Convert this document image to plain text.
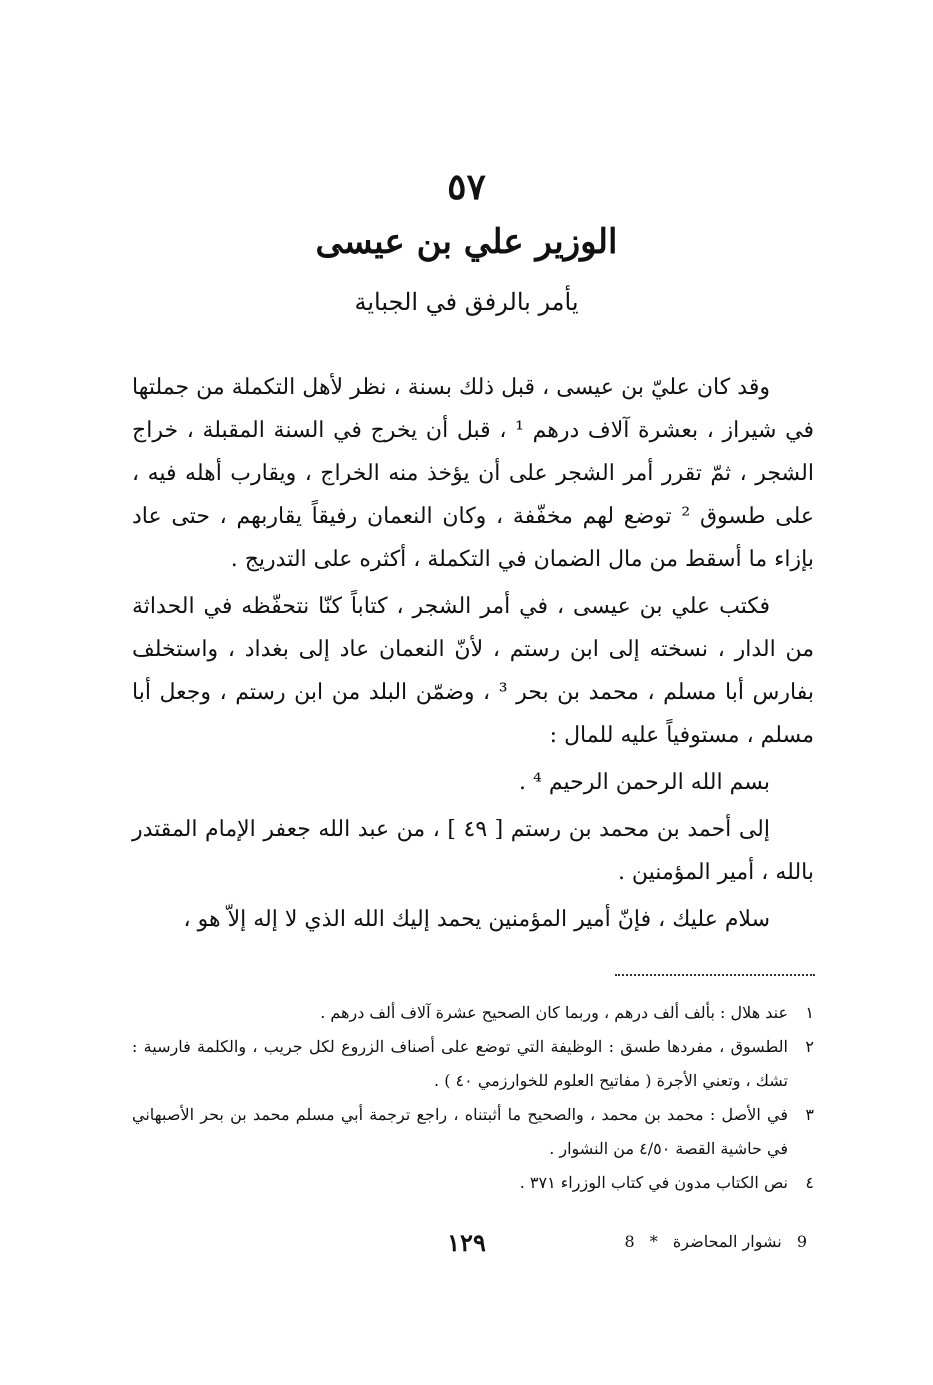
٥٧
الوزير علي بن عيسى
يأمر بالرفق في الجباية

وقد كان عليّ بن عيسى ، قبل ذلك بسنة ، نظر لأهل التكملة من جملتها في شيراز ، بعشرة آلاف درهم ¹ ، قبل أن يخرج في السنة المقبلة ، خراج الشجر ، ثمّ تقرر أمر الشجر على أن يؤخذ منه الخراج ، ويقارب أهله فيه ، على طسوق ² توضع لهم مخفّفة ، وكان النعمان رفيقاً يقاربهم ، حتى عاد بإزاء ما أسقط من مال الضمان في التكملة ، أكثره على التدريج .

فكتب علي بن عيسى ، في أمر الشجر ، كتاباً كنّا نتحفّظه في الحداثة من الدار ، نسخته إلى ابن رستم ، لأنّ النعمان عاد إلى بغداد ، واستخلف بفارس أبا مسلم ، محمد بن بحر ³ ، وضمّن البلد من ابن رستم ، وجعل أبا مسلم ، مستوفياً عليه للمال :

بسم الله الرحمن الرحيم ⁴ .

إلى أحمد بن محمد بن رستم [ ٤٩ ] ، من عبد الله جعفر الإمام المقتدر بالله ، أمير المؤمنين .

سلام عليك ، فإنّ أمير المؤمنين يحمد إليك الله الذي لا إله إلاّ هو ،

١
عند هلال : بألف ألف درهم ، وربما كان الصحيح عشرة آلاف ألف درهم .
٢
الطسوق ، مفردها طسق : الوظيفة التي توضع على أصناف الزروع لكل جريب ، والكلمة فارسية : تشك ، وتعني الأجرة ( مفاتيح العلوم للخوارزمي ٤٠ ) .
٣
في الأصل : محمد بن محمد ، والصحيح ما أثبتناه ، راجع ترجمة أبي مسلم محمد بن بحر الأصبهاني في حاشية القصة ٤/٥٠ من النشوار .
٤
نص الكتاب مدون في كتاب الوزراء ٣٧١ .
١٢٩	9 نشوار المحاضرة * 8
